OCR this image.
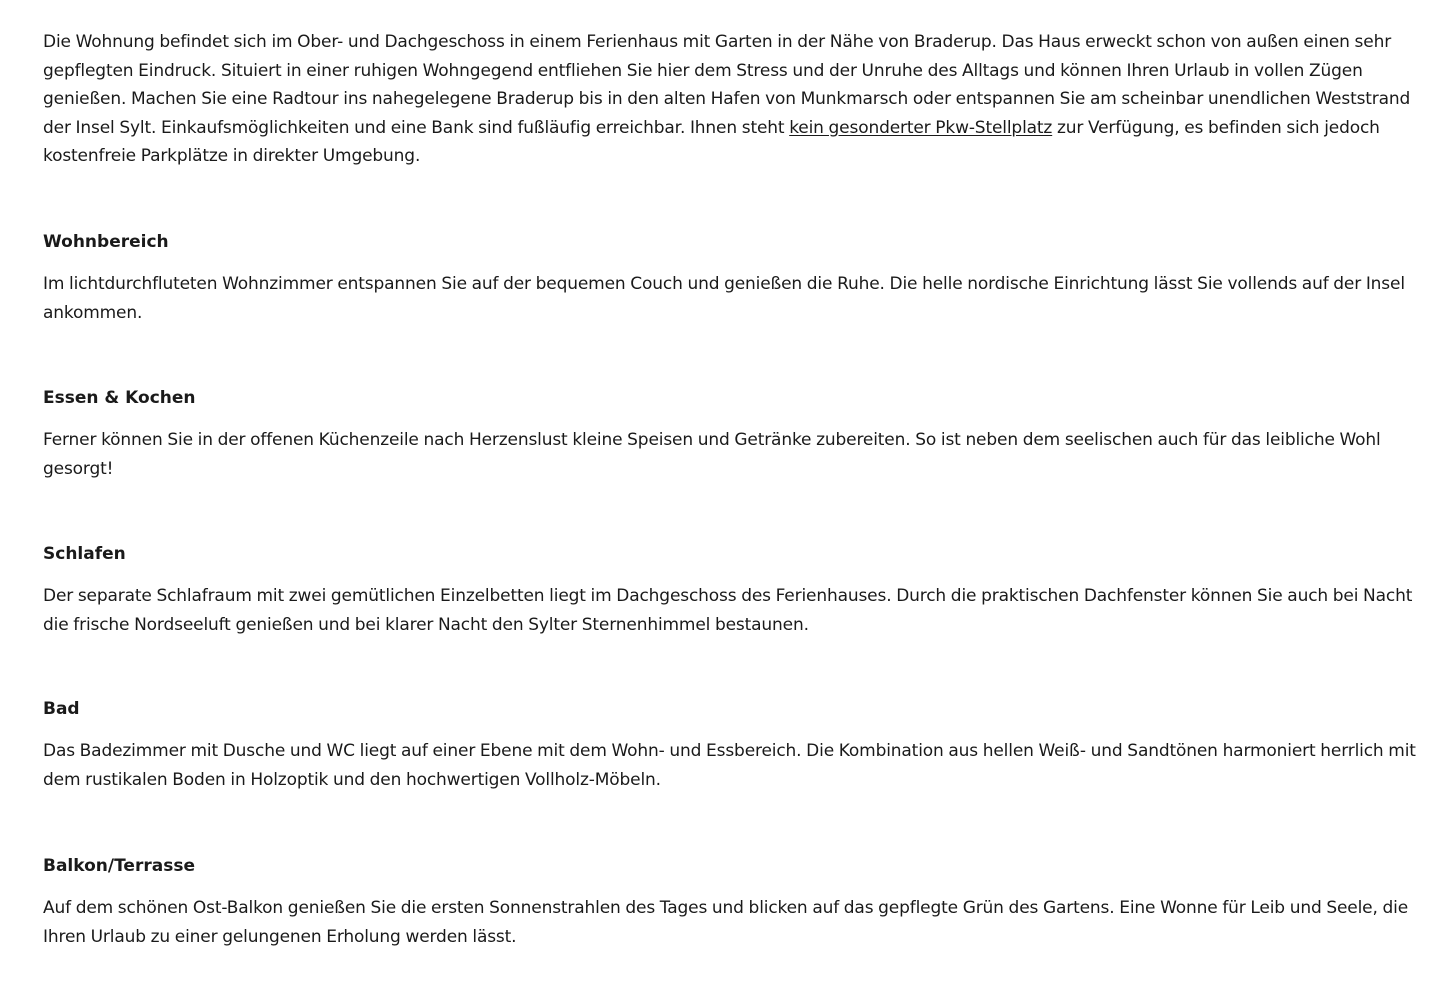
Die Wohnung befindet sich im Ober- und Dachgeschoss in einem Ferienhaus mit Garten in der Nähe von Braderup. Das Haus erweckt schon von außen einen sehr gepflegten Eindruck. Situiert in einer ruhigen Wohngegend entfliehen Sie hier dem Stress und der Unruhe des Alltags und können Ihren Urlaub in vollen Zügen genießen. Machen Sie eine Radtour ins nahegelegene Braderup bis in den alten Hafen von Munkmarsch oder entspannen Sie am scheinbar unendlichen Weststrand der Insel Sylt. Einkaufsmöglichkeiten und eine Bank sind fußläufig erreichbar. Ihnen steht kein gesonderter Pkw-Stellplatz zur Verfügung, es befinden sich jedoch kostenfreie Parkplätze in direkter Umgebung.

Wohnbereich

Im lichtdurchfluteten Wohnzimmer entspannen Sie auf der bequemen Couch und genießen die Ruhe. Die helle nordische Einrichtung lässt Sie vollends auf der Insel ankommen.

Essen & Kochen

Ferner können Sie in der offenen Küchenzeile nach Herzenslust kleine Speisen und Getränke zubereiten. So ist neben dem seelischen auch für das leibliche Wohl gesorgt!

Schlafen

Der separate Schlafraum mit zwei gemütlichen Einzelbetten liegt im Dachgeschoss des Ferienhauses. Durch die praktischen Dachfenster können Sie auch bei Nacht die frische Nordseeluft genießen und bei klarer Nacht den Sylter Sternenhimmel bestaunen.

Bad

Das Badezimmer mit Dusche und WC liegt auf einer Ebene mit dem Wohn- und Essbereich. Die Kombination aus hellen Weiß- und Sandtönen harmoniert herrlich mit dem rustikalen Boden in Holzoptik und den hochwertigen Vollholz-Möbeln.

Balkon/Terrasse

Auf dem schönen Ost-Balkon genießen Sie die ersten Sonnenstrahlen des Tages und blicken auf das gepflegte Grün des Gartens. Eine Wonne für Leib und Seele, die Ihren Urlaub zu einer gelungenen Erholung werden lässt.
